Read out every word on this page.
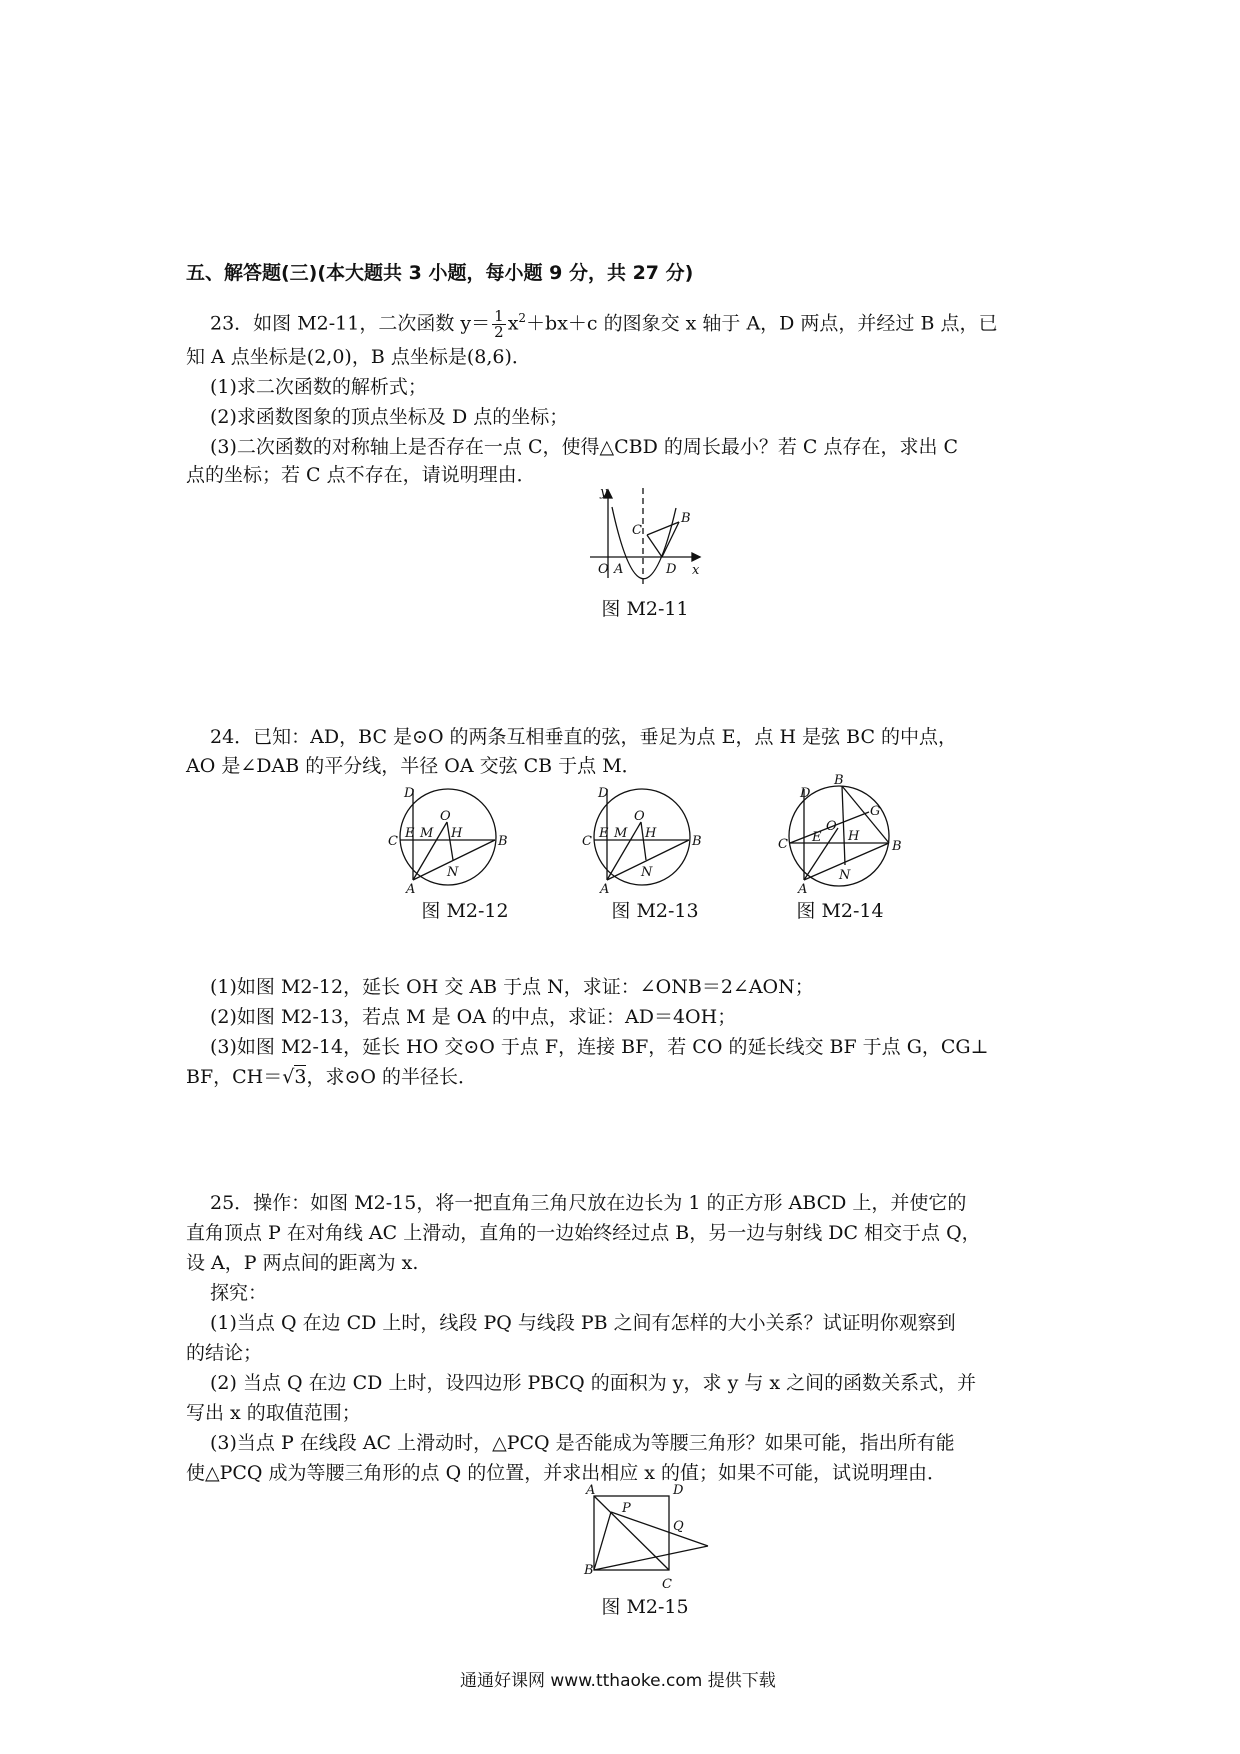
五、解答题(三)(本大题共 3 小题，每小题 9 分，共 27 分)
23．如图 M2-11，二次函数 $y= \frac{1}{2} x^2+bx+c$ 的图象交 x 轴于 A，D 两点，并经过 B 点，已
知 A 点坐标是(2,0)，B 点坐标是(8,6)．
(1)求二次函数的解析式；
(2)求函数图象的顶点坐标及 D 点的坐标；
(3)二次函数的对称轴上是否存在一点 C，使得△CBD 的周长最小？若 C 点存在，求出 C
点的坐标；若 C 点不存在，请说明理由．
y
x
O A	D
C
B
图 M2-11
24．已知：AD，BC 是⊙O 的两条互相垂直的弦，垂足为点 E，点 H 是弦 BC 的中点，
AO 是∠DAB 的平分线，半径 OA 交弦 CB 于点 M．
D
O
E M H
C	B
A
N
图 M2-12
D
O
E M H
C	B
A
N
图 M2-13
B
D
O
E H
G
C	B
A
N
图 M2-14
(1)如图 M2-12，延长 OH 交 AB 于点 N，求证：∠ONB＝2∠AON；
(2)如图 M2-13，若点 M 是 OA 的中点，求证：AD＝4OH；
(3)如图 M2-14，延长 HO 交⊙O 于点 F，连接 BF，若 CO 的延长线交 BF 于点 G，CG⊥
BF，CH＝√3，求⊙O 的半径长．
25．操作：如图 M2-15，将一把直角三角尺放在边长为 1 的正方形 ABCD 上，并使它的
直角顶点 P 在对角线 AC 上滑动，直角的一边始终经过点 B，另一边与射线 DC 相交于点 Q，
设 A，P 两点间的距离为 x.
探究：
(1)当点 Q 在边 CD 上时，线段 PQ 与线段 PB 之间有怎样的大小关系？试证明你观察到
的结论；
(2) 当点 Q 在边 CD 上时，设四边形 PBCQ 的面积为 y，求 y 与 x 之间的函数关系式，并
写出 x 的取值范围；
(3)当点 P 在线段 AC 上滑动时，△PCQ 是否能成为等腰三角形？如果可能，指出所有能
使△PCQ 成为等腰三角形的点 Q 的位置，并求出相应 x 的值；如果不可能，试说明理由．
A	D
P
Q
B
C
图 M2-15
通通好课网 www.tthaoke.com 提供下载
